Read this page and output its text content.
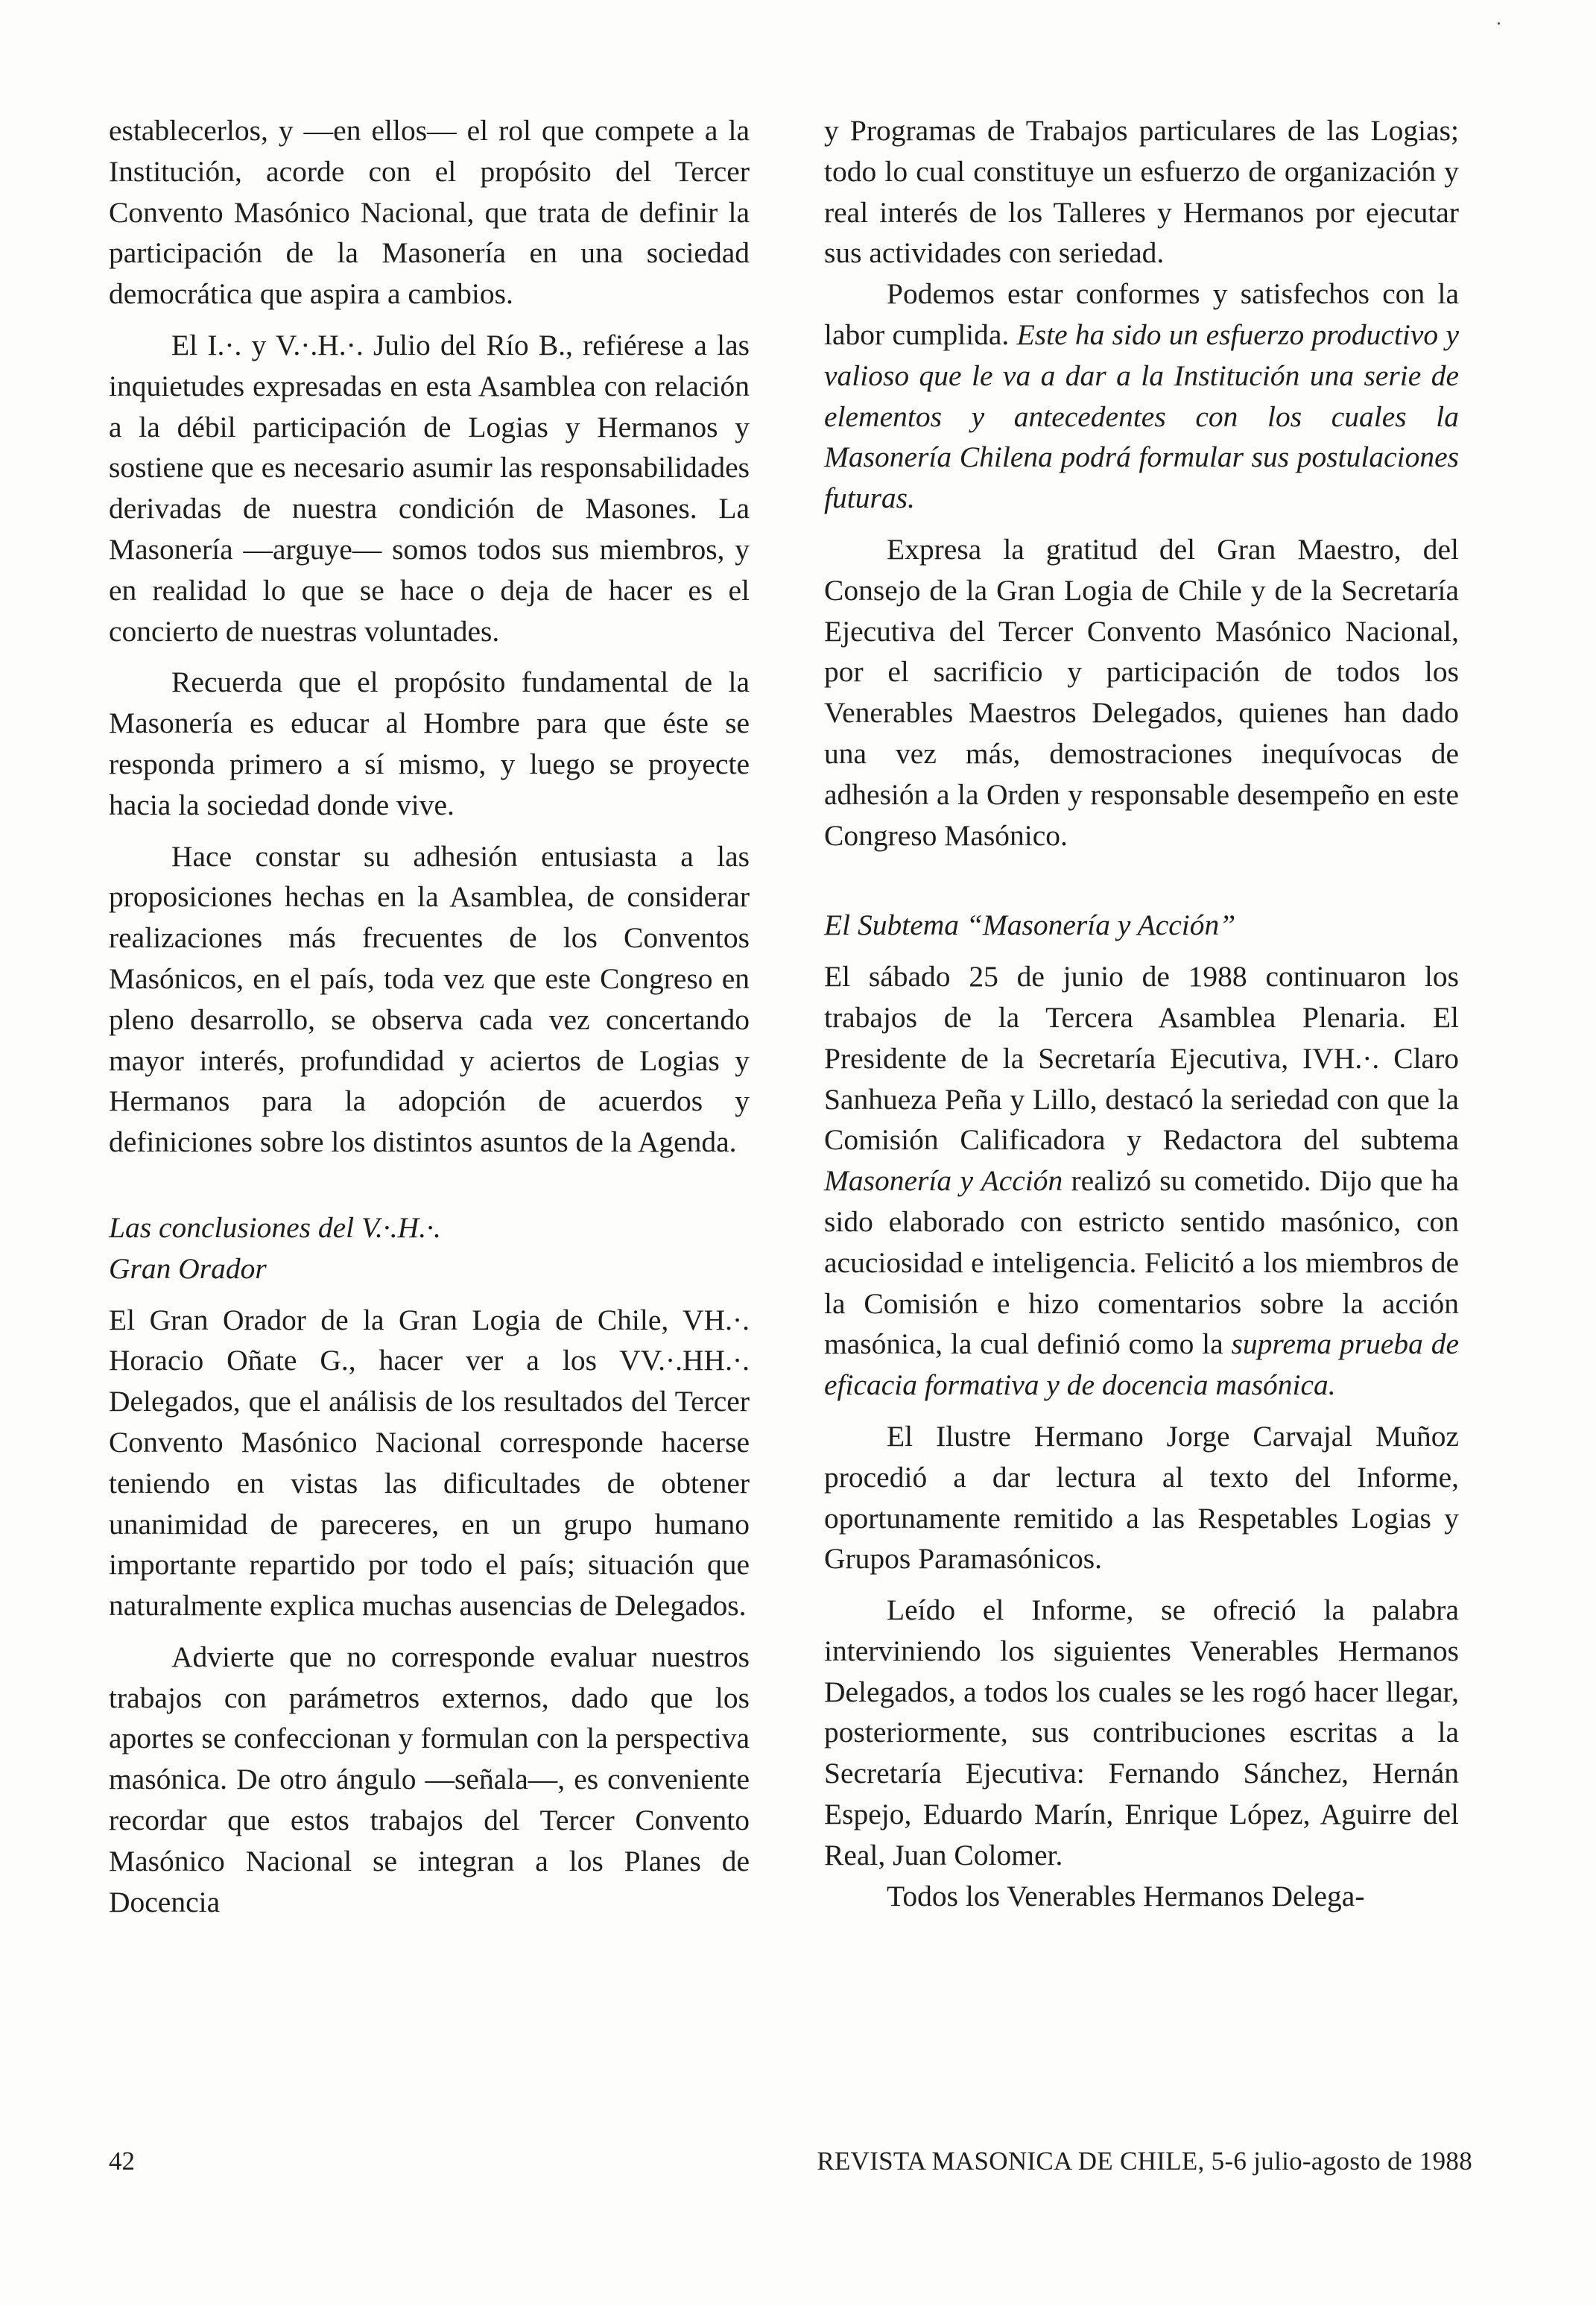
establecerlos, y —en ellos— el rol que compete a la Institución, acorde con el propósito del Tercer Convento Masónico Nacional, que trata de definir la participación de la Masonería en una sociedad democrática que aspira a cambios.

El I.·. y V.·.H.·. Julio del Río B., refiérese a las inquietudes expresadas en esta Asamblea con relación a la débil participación de Logias y Hermanos y sostiene que es necesario asumir las responsabilidades derivadas de nuestra condición de Masones. La Masonería —arguye— somos todos sus miembros, y en realidad lo que se hace o deja de hacer es el concierto de nuestras voluntades.

Recuerda que el propósito fundamental de la Masonería es educar al Hombre para que éste se responda primero a sí mismo, y luego se proyecte hacia la sociedad donde vive.

Hace constar su adhesión entusiasta a las proposiciones hechas en la Asamblea, de considerar realizaciones más frecuentes de los Conventos Masónicos, en el país, toda vez que este Congreso en pleno desarrollo, se observa cada vez concertando mayor interés, profundidad y aciertos de Logias y Hermanos para la adopción de acuerdos y definiciones sobre los distintos asuntos de la Agenda.

Las conclusiones del V.·.H.·.
Gran Orador

El Gran Orador de la Gran Logia de Chile, VH.·. Horacio Oñate G., hacer ver a los VV.·.HH.·. Delegados, que el análisis de los resultados del Tercer Convento Masónico Nacional corresponde hacerse teniendo en vistas las dificultades de obtener unanimidad de pareceres, en un grupo humano importante repartido por todo el país; situación que naturalmente explica muchas ausencias de Delegados.

Advierte que no corresponde evaluar nuestros trabajos con parámetros externos, dado que los aportes se confeccionan y formulan con la perspectiva masónica. De otro ángulo —señala—, es conveniente recordar que estos trabajos del Tercer Convento Masónico Nacional se integran a los Planes de Docencia

y Programas de Trabajos particulares de las Logias; todo lo cual constituye un esfuerzo de organización y real interés de los Talleres y Hermanos por ejecutar sus actividades con seriedad.

Podemos estar conformes y satisfechos con la labor cumplida. Este ha sido un esfuerzo productivo y valioso que le va a dar a la Institución una serie de elementos y antecedentes con los cuales la Masonería Chilena podrá formular sus postulaciones futuras.

Expresa la gratitud del Gran Maestro, del Consejo de la Gran Logia de Chile y de la Secretaría Ejecutiva del Tercer Convento Masónico Nacional, por el sacrificio y participación de todos los Venerables Maestros Delegados, quienes han dado una vez más, demostraciones inequívocas de adhesión a la Orden y responsable desempeño en este Congreso Masónico.

El Subtema “Masonería y Acción”

El sábado 25 de junio de 1988 continuaron los trabajos de la Tercera Asamblea Plenaria. El Presidente de la Secretaría Ejecutiva, IVH.·. Claro Sanhueza Peña y Lillo, destacó la seriedad con que la Comisión Calificadora y Redactora del subtema Masonería y Acción realizó su cometido. Dijo que ha sido elaborado con estricto sentido masónico, con acuciosidad e inteligencia. Felicitó a los miembros de la Comisión e hizo comentarios sobre la acción masónica, la cual definió como la suprema prueba de eficacia formativa y de docencia masónica.

El Ilustre Hermano Jorge Carvajal Muñoz procedió a dar lectura al texto del Informe, oportunamente remitido a las Respetables Logias y Grupos Paramasónicos.

Leído el Informe, se ofreció la palabra interviniendo los siguientes Venerables Hermanos Delegados, a todos los cuales se les rogó hacer llegar, posteriormente, sus contribuciones escritas a la Secretaría Ejecutiva: Fernando Sánchez, Hernán Espejo, Eduardo Marín, Enrique López, Aguirre del Real, Juan Colomer.

Todos los Venerables Hermanos Delega-

42	REVISTA MASONICA DE CHILE, 5-6 julio-agosto de 1988
